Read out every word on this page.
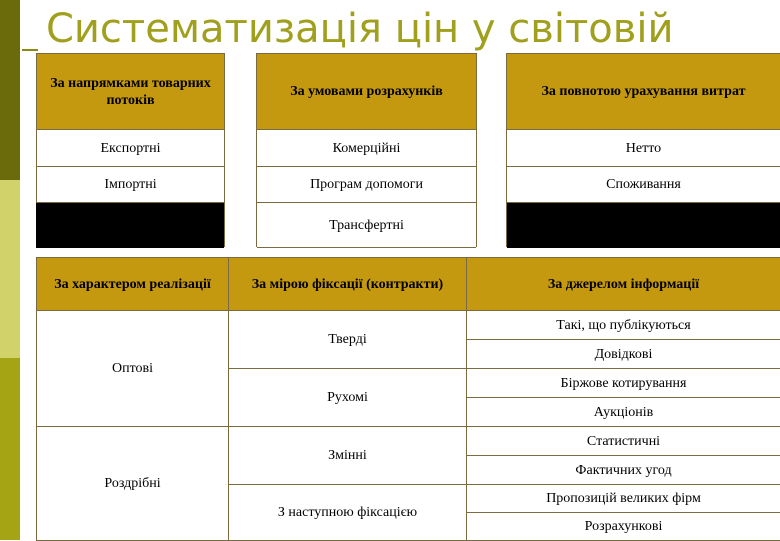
Систематизація цін у світовій
За напрямками товарних потоків		За умовами розрахунків		За повнотою урахування витрат
Експортні		Комерційні		Нетто
Імпортні		Програм допомоги		Споживання
		Трансфертні		
За характером реалізації	За мірою фіксації (контракти)	За джерелом інформації
Оптові	Тверді	Такі, що публікуються
		Довідкові
	Рухомі	Біржове котирування
		Аукціонів
Роздрібні	Змінні	Статистичні
		Фактичних угод
	З наступною фіксацією	Пропозицій великих фірм
		Розрахункові
